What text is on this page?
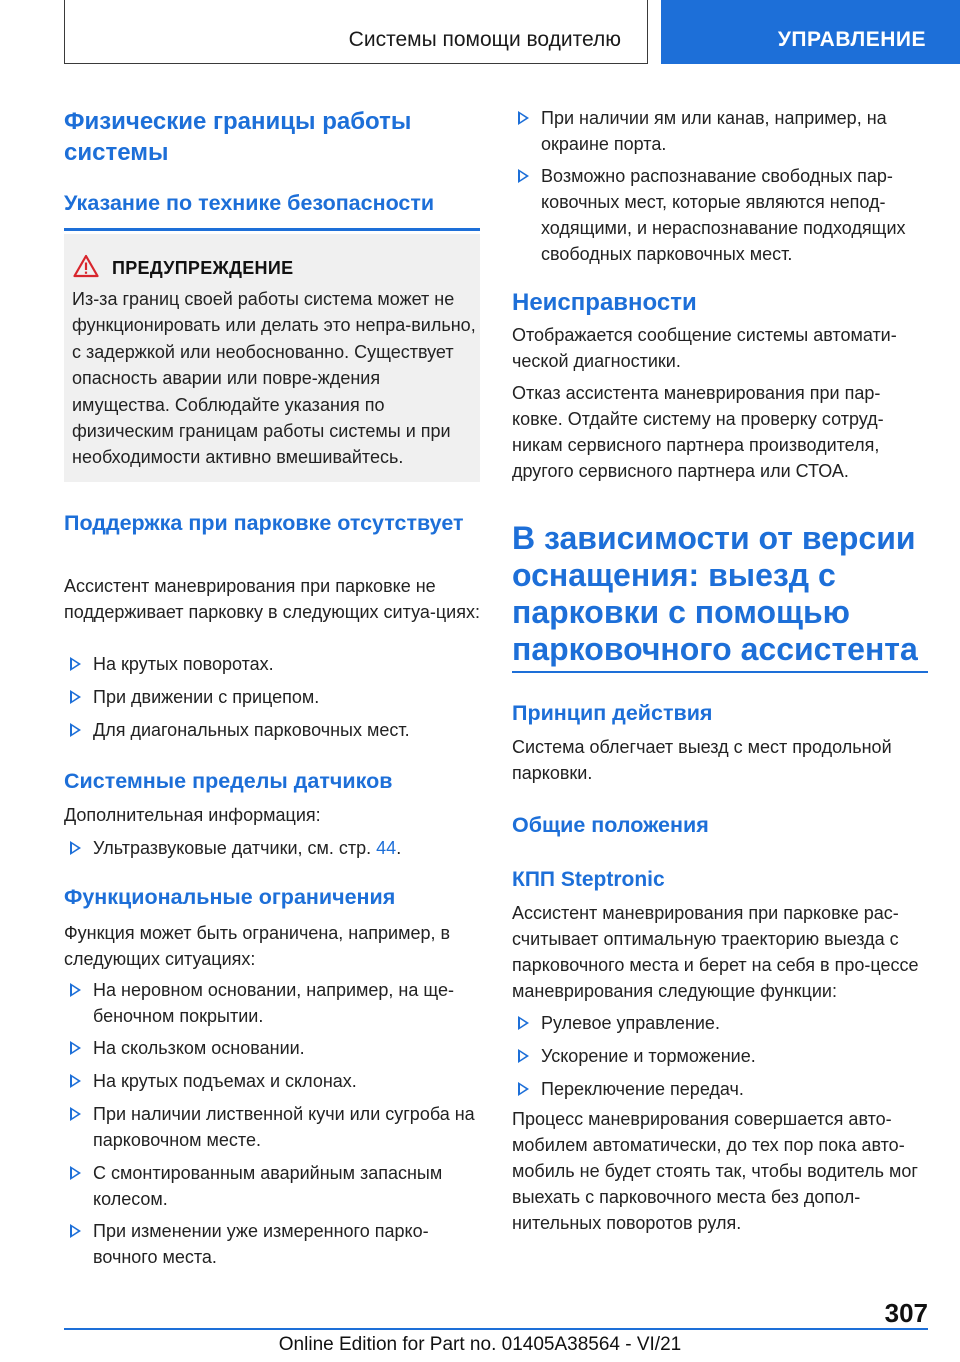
Системы помощи водителю	УПРАВЛЕНИЕ
Физические границы работы системы
Указание по технике безопасности
ПРЕДУПРЕЖДЕНИЕ
Из-за границ своей работы система может не функционировать или делать это непра-вильно, с задержкой или необоснованно. Существует опасность аварии или повре-ждения имущества. Соблюдайте указания по физическим границам работы системы и при необходимости активно вмешивайтесь.
Поддержка при парковке отсутствует
Ассистент маневрирования при парковке не поддерживает парковку в следующих ситуа-циях:
На крутых поворотах.
При движении с прицепом.
Для диагональных парковочных мест.
Системные пределы датчиков
Дополнительная информация:
Ультразвуковые датчики, см. стр. 44.
Функциональные ограничения
Функция может быть ограничена, например, в следующих ситуациях:
На неровном основании, например, на ще-беночном покрытии.
На скользком основании.
На крутых подъемах и склонах.
При наличии лиственной кучи или сугроба на парковочном месте.
С смонтированным аварийным запасным колесом.
При изменении уже измеренного парко-вочного места.
При наличии ям или канав, например, на окраине порта.
Возможно распознавание свободных пар-ковочных мест, которые являются непод-ходящими, и нераспознавание подходящих свободных парковочных мест.
Неисправности
Отображается сообщение системы автомати-ческой диагностики.
Отказ ассистента маневрирования при пар-ковке. Отдайте систему на проверку сотруд-никам сервисного партнера производителя, другого сервисного партнера или СТОА.
В зависимости от версии оснащения: выезд с парковки с помощью парковочного ассистента
Принцип действия
Система облегчает выезд с мест продольной парковки.
Общие положения
КПП Steptronic
Ассистент маневрирования при парковке рас-считывает оптимальную траекторию выезда с парковочного места и берет на себя в про-цессе маневрирования следующие функции:
Рулевое управление.
Ускорение и торможение.
Переключение передач.
Процесс маневрирования совершается авто-мобилем автоматически, до тех пор пока авто-мобиль не будет стоять так, чтобы водитель мог выехать с парковочного места без допол-нительных поворотов руля.
307
Online Edition for Part no. 01405A38564 - VI/21
